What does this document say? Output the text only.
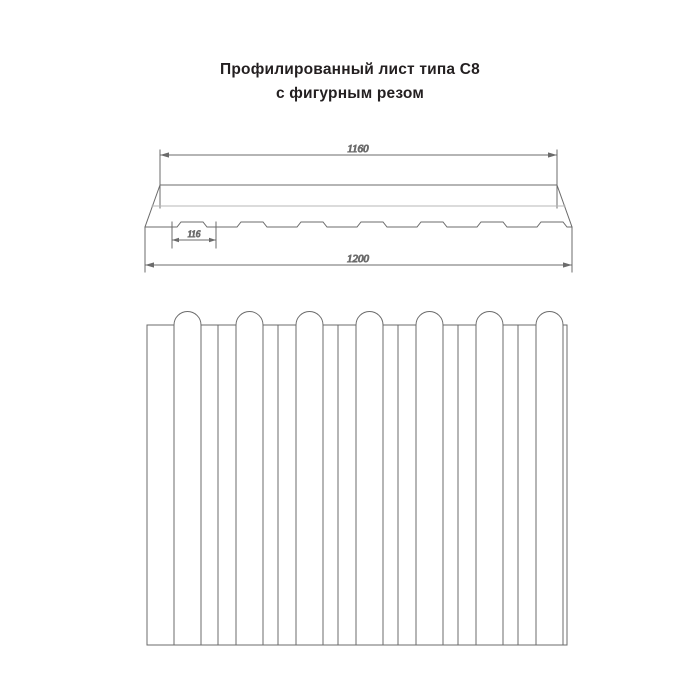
Профилированный лист типа С8
с фигурным резом
1160
116
1200
